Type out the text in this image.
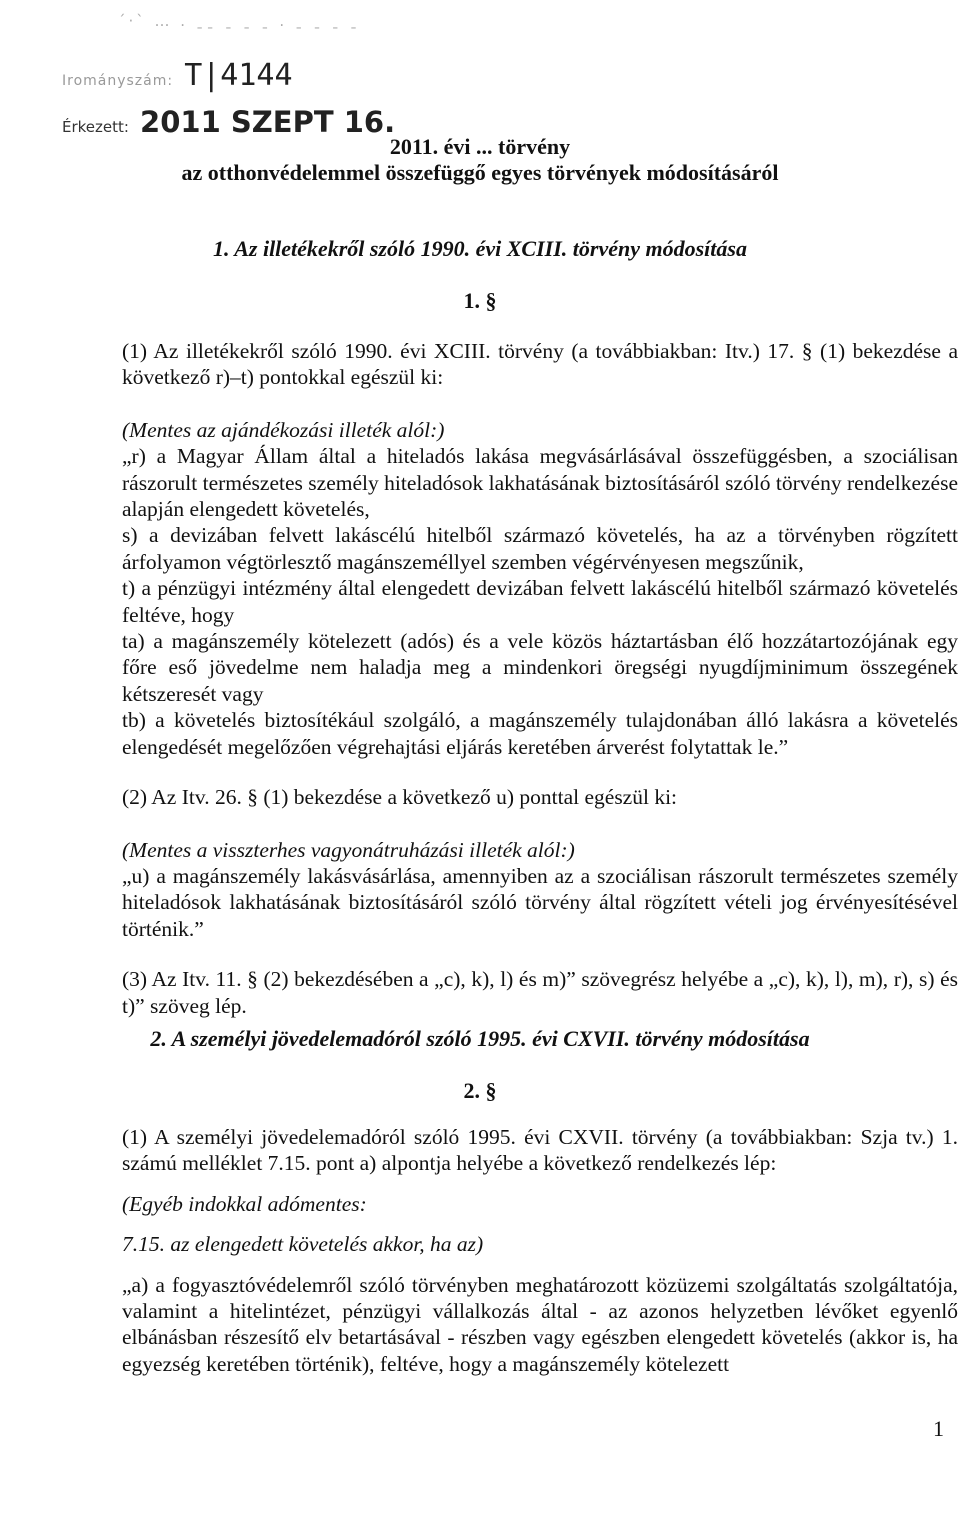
´·ˋ … . ˍˍ ˍ ˍ ˍ . ˍ ˍ ˍ ˍ
Irományszám: T|4144
Érkezett: 2011 SZEPT 16.
2011. évi ... törvény
az otthonvédelemmel összefüggő egyes törvények módosításáról
1. Az illetékekről szóló 1990. évi XCIII. törvény módosítása
1. §

(1) Az illetékekről szóló 1990. évi XCIII. törvény (a továbbiakban: Itv.) 17. § (1) bekezdése a következő r)–t) pontokkal egészül ki:

(Mentes az ajándékozási illeték alól:)

„r) a Magyar Állam által a hiteladós lakása megvásárlásával összefüggésben, a szociálisan rászorult természetes személy hiteladósok lakhatásának biztosításáról szóló törvény rendelkezése alapján elengedett követelés,

s) a devizában felvett lakáscélú hitelből származó követelés, ha az a törvényben rögzített árfolyamon végtörlesztő magánszeméllyel szemben végérvényesen megszűnik,

t) a pénzügyi intézmény által elengedett devizában felvett lakáscélú hitelből származó követelés feltéve, hogy

ta) a magánszemély kötelezett (adós) és a vele közös háztartásban élő hozzátartozójának egy főre eső jövedelme nem haladja meg a mindenkori öregségi nyugdíjminimum összegének kétszeresét vagy

tb) a követelés biztosítékául szolgáló, a magánszemély tulajdonában álló lakásra a követelés elengedését megelőzően végrehajtási eljárás keretében árverést folytattak le.”

(2) Az Itv. 26. § (1) bekezdése a következő u) ponttal egészül ki:

(Mentes a visszterhes vagyonátruházási illeték alól:)

„u) a magánszemély lakásvásárlása, amennyiben az a szociálisan rászorult természetes személy hiteladósok lakhatásának biztosításáról szóló törvény által rögzített vételi jog érvényesítésével történik.”

(3) Az Itv. 11. § (2) bekezdésében a „c), k), l) és m)” szövegrész helyébe a „c), k), l), m), r), s) és t)” szöveg lép.

2. A személyi jövedelemadóról szóló 1995. évi CXVII. törvény módosítása
2. §

(1) A személyi jövedelemadóról szóló 1995. évi CXVII. törvény (a továbbiakban: Szja tv.) 1. számú melléklet 7.15. pont a) alpontja helyébe a következő rendelkezés lép:

(Egyéb indokkal adómentes:

7.15. az elengedett követelés akkor, ha az)

„a) a fogyasztóvédelemről szóló törvényben meghatározott közüzemi szolgáltatás szolgáltatója, valamint a hitelintézet, pénzügyi vállalkozás által - az azonos helyzetben lévőket egyenlő elbánásban részesítő elv betartásával - részben vagy egészben elengedett követelés (akkor is, ha egyezség keretében történik), feltéve, hogy a magánszemély kötelezett

1
